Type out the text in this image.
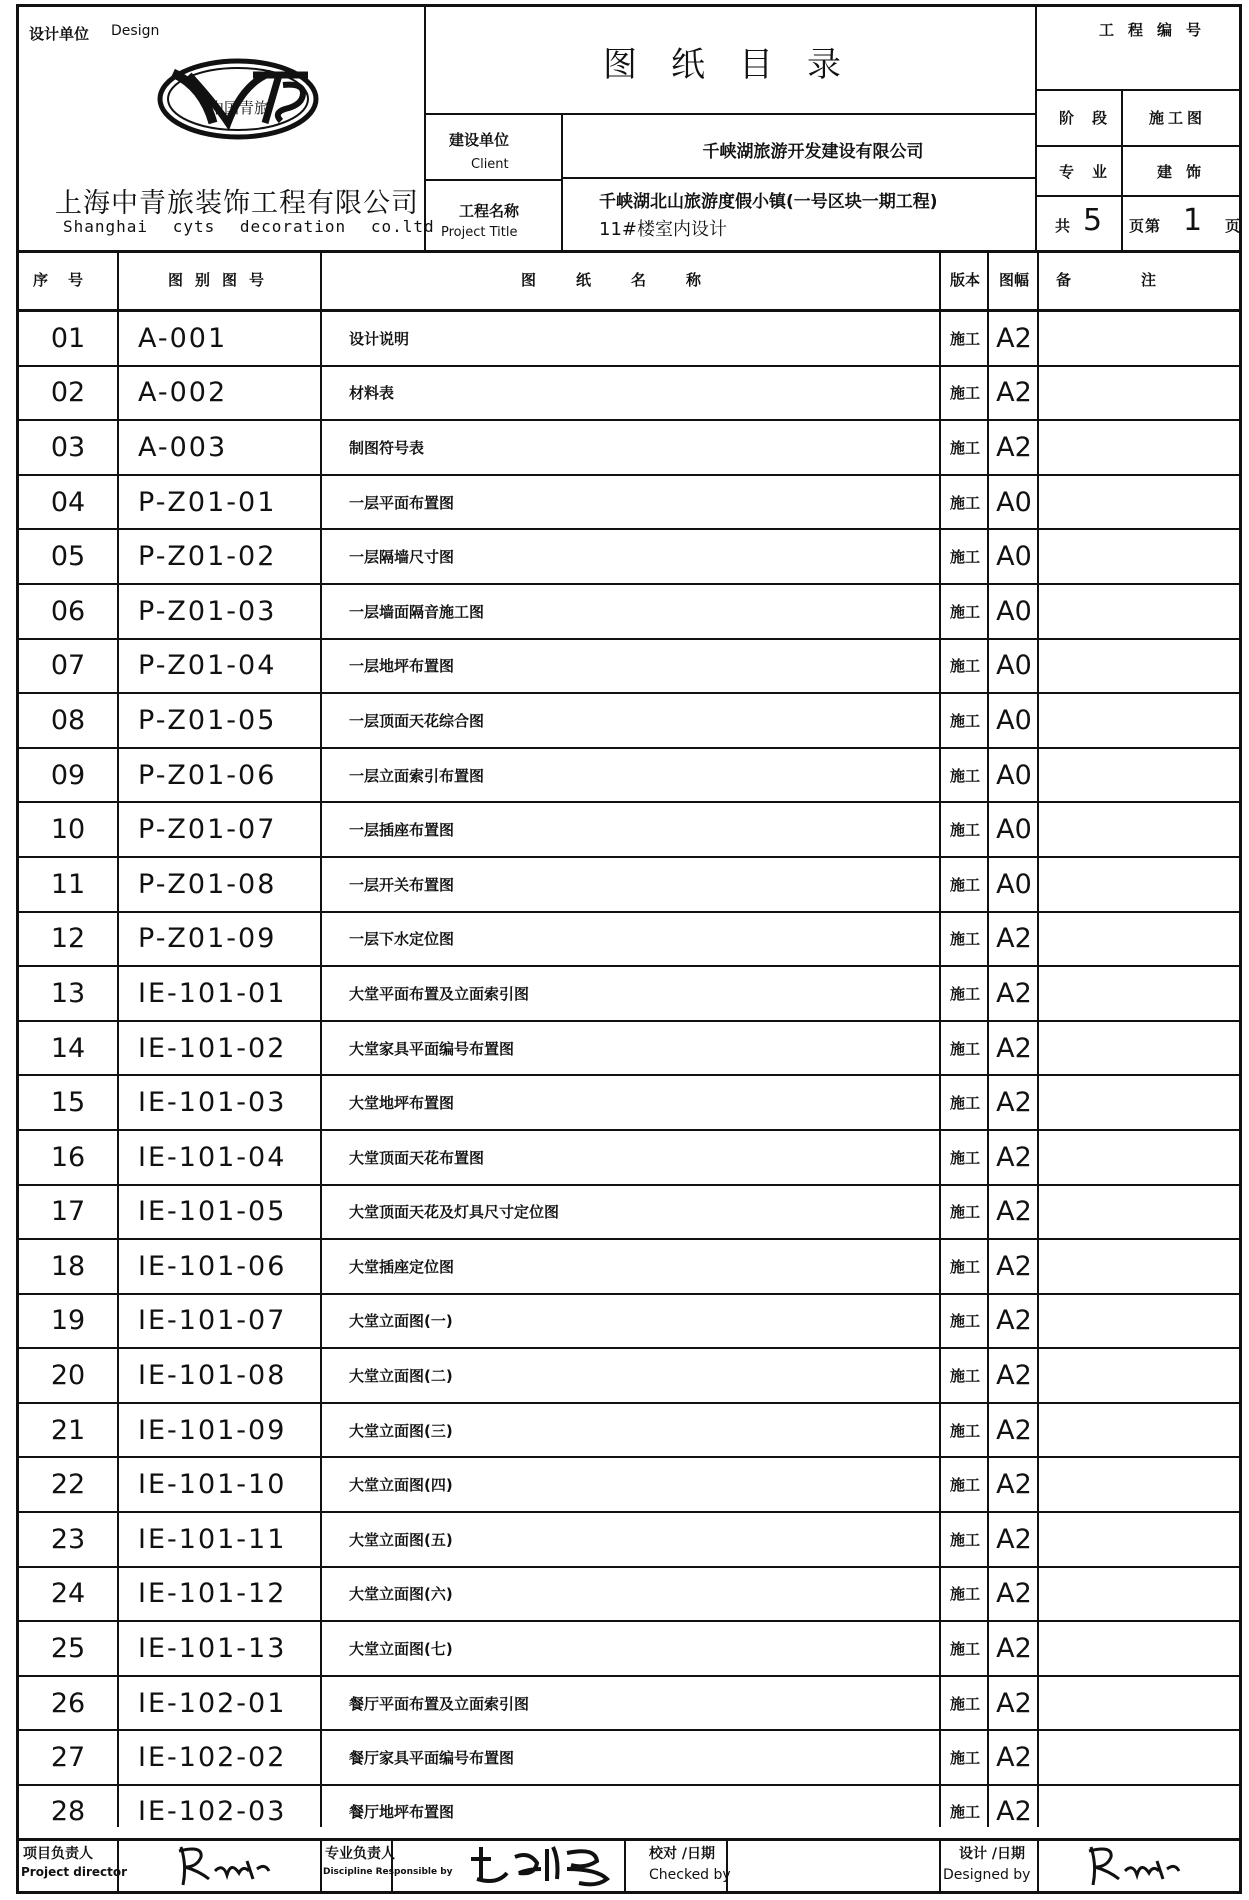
设计单位 Design
中国青旅
上海中青旅装饰工程有限公司
Shanghai cyts decoration co.ltd
图纸目录
建设单位
Client
千峡湖旅游开发建设有限公司
工程名称
Project Title
千峡湖北山旅游度假小镇(一号区块一期工程)
11#楼室内设计
工程编号
阶段 施工图
专业 建饰
共 5 页 第 1 页
序号	图别图号	图纸名称	版本	图幅	备注
01	A-001	设计说明	施工 A2
02	A-002	材料表	施工 A2
03	A-003	制图符号表	施工 A2
04	P-Z01-01	一层平面布置图	施工 A0
05	P-Z01-02	一层隔墙尺寸图	施工 A0
06	P-Z01-03	一层墙面隔音施工图	施工 A0
07	P-Z01-04	一层地坪布置图	施工 A0
08	P-Z01-05	一层顶面天花综合图	施工 A0
09	P-Z01-06	一层立面索引布置图	施工 A0
10	P-Z01-07	一层插座布置图	施工 A0
11	P-Z01-08	一层开关布置图	施工 A0
12	P-Z01-09	一层下水定位图	施工 A2
13	IE-101-01	大堂平面布置及立面索引图	施工 A2
14	IE-101-02	大堂家具平面编号布置图	施工 A2
15	IE-101-03	大堂地坪布置图	施工 A2
16	IE-101-04	大堂顶面天花布置图	施工 A2
17	IE-101-05	大堂顶面天花及灯具尺寸定位图	施工 A2
18	IE-101-06	大堂插座定位图	施工 A2
19	IE-101-07	大堂立面图(一)	施工 A2
20	IE-101-08	大堂立面图(二)	施工 A2
21	IE-101-09	大堂立面图(三)	施工 A2
22	IE-101-10	大堂立面图(四)	施工 A2
23	IE-101-11	大堂立面图(五)	施工 A2
24	IE-101-12	大堂立面图(六)	施工 A2
25	IE-101-13	大堂立面图(七)	施工 A2
26	IE-102-01	餐厅平面布置及立面索引图	施工 A2
27	IE-102-02	餐厅家具平面编号布置图	施工 A2
28	IE-102-03	餐厅地坪布置图	施工 A2
项目负责人
Project director
专业负责人
Discipline Responsible by
校对 /日期
Checked by
设计 /日期
Designed by
